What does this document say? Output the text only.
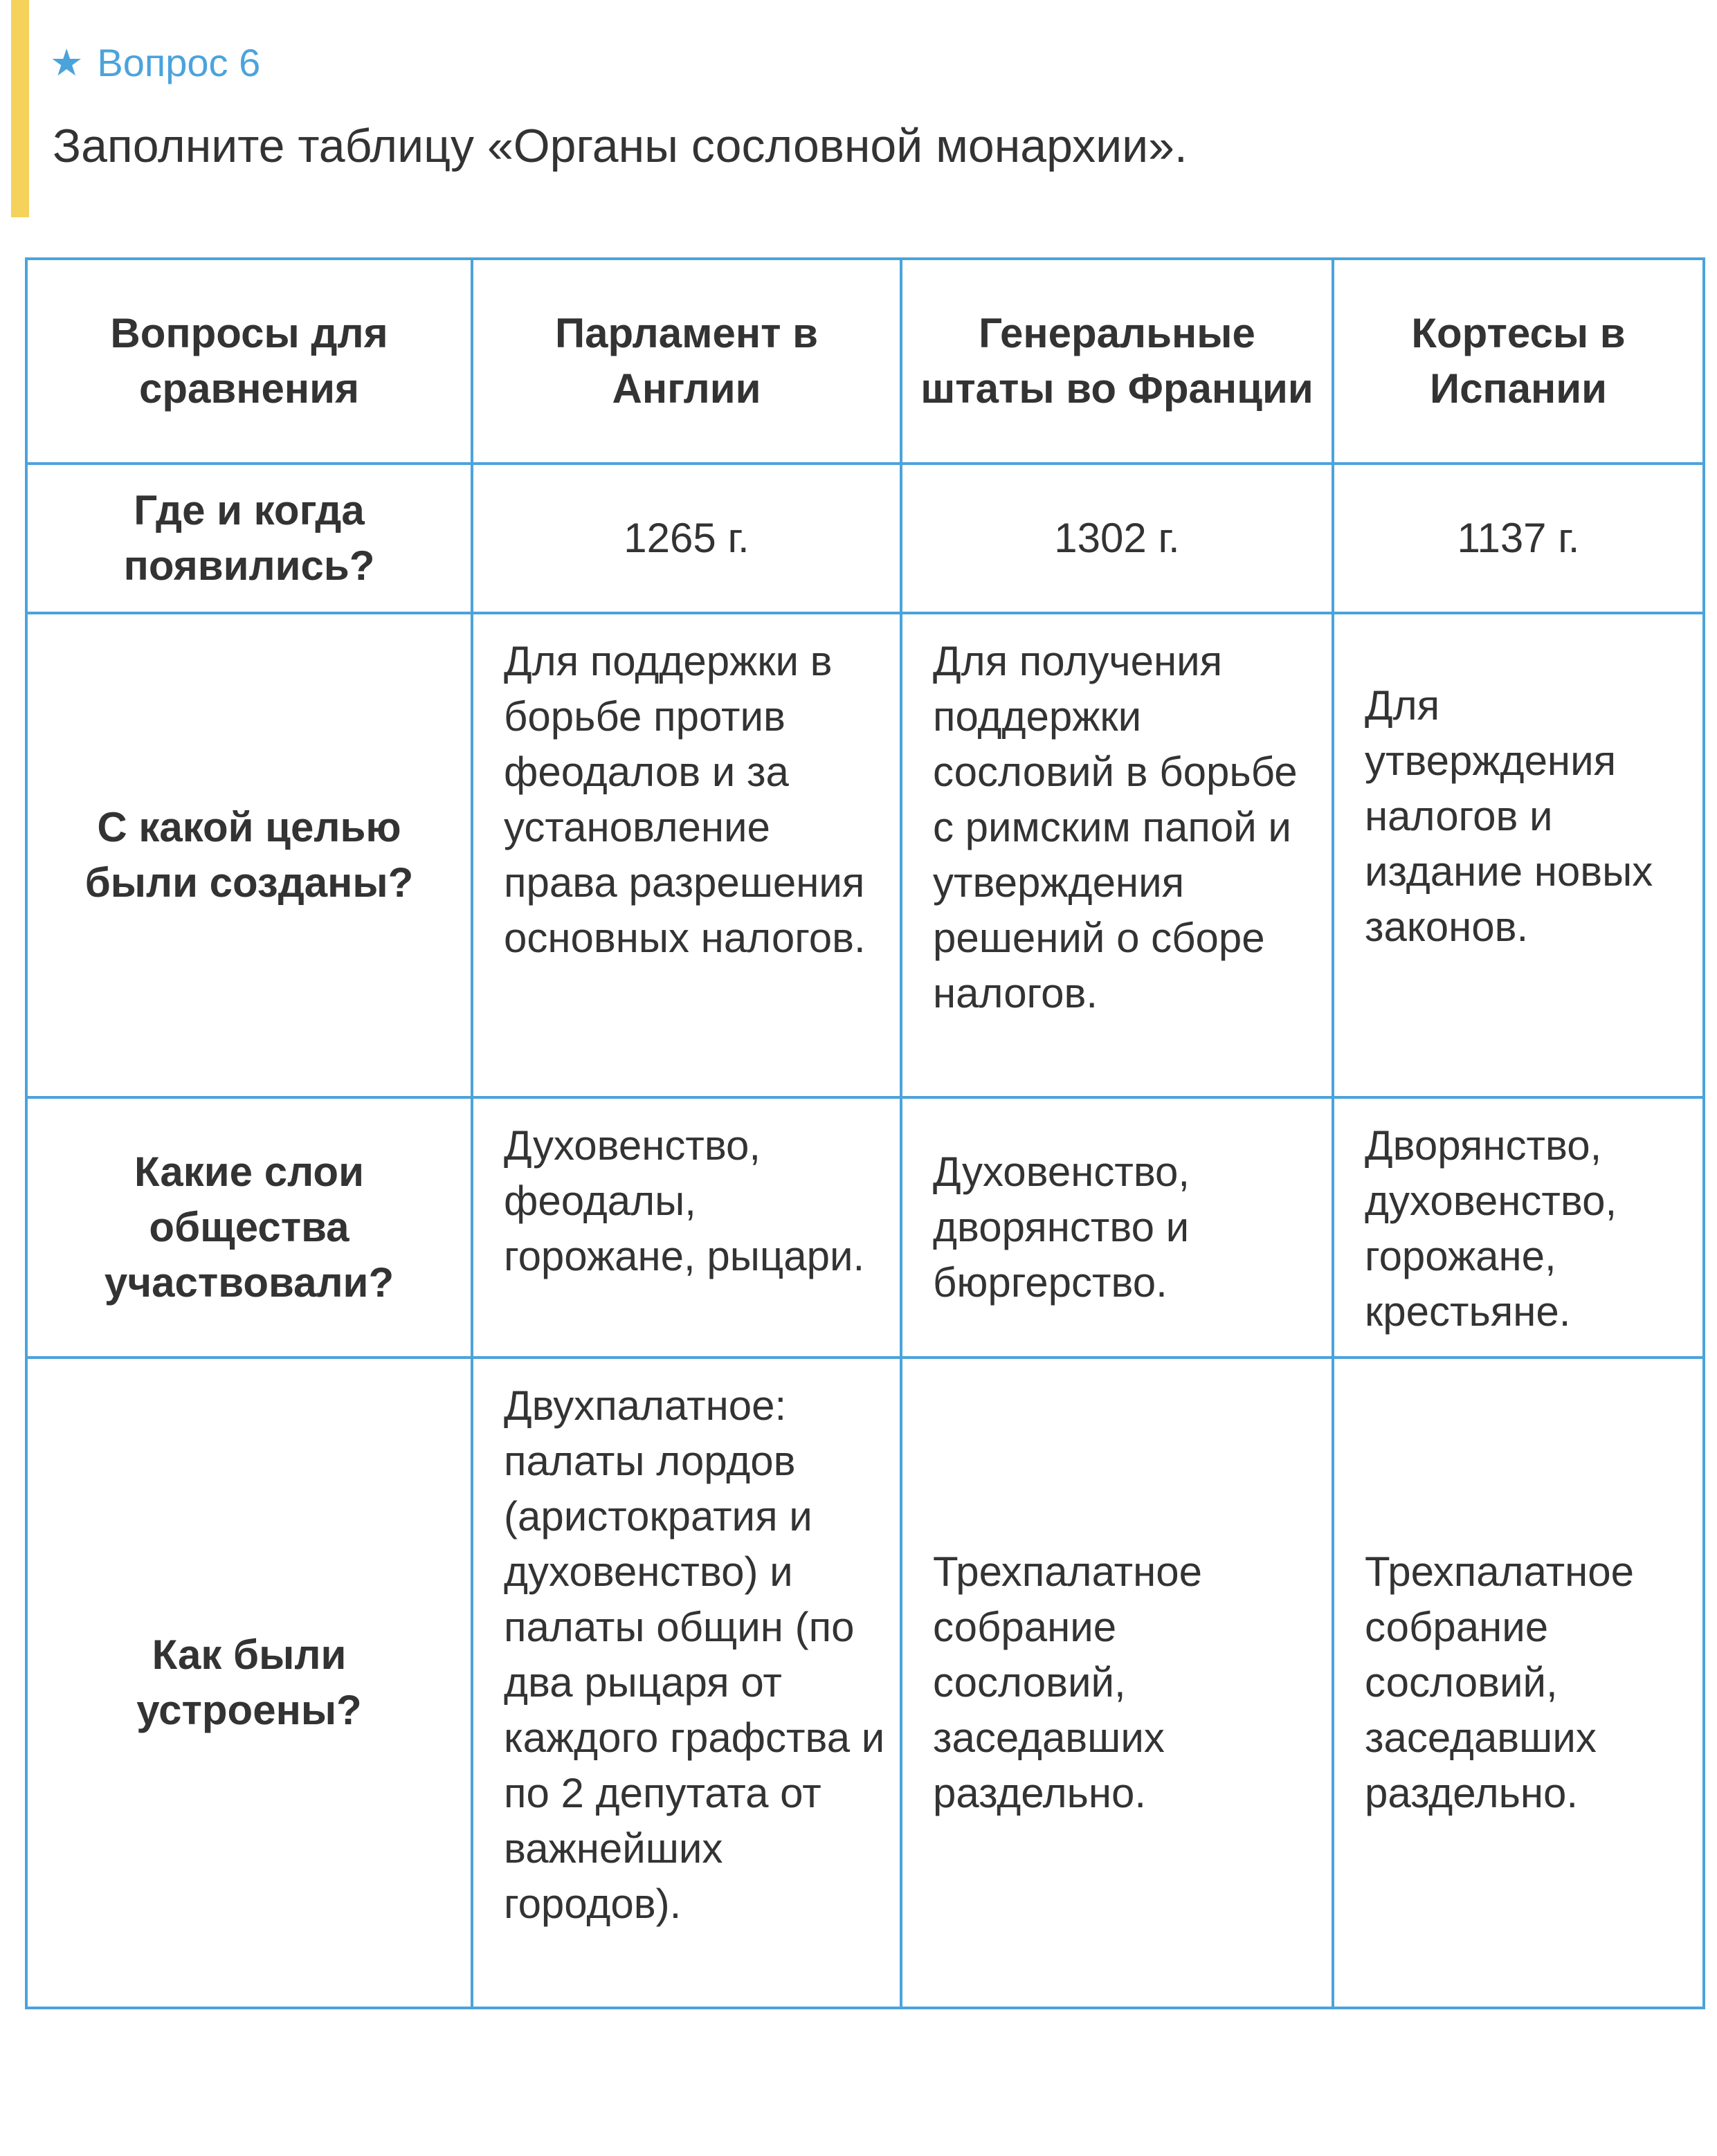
★ Вопрос 6
Заполните таблицу «Органы сословной монархии».
Вопросы для сравнения	Парламент в Англии	Генеральные штаты во Франции	Кортесы в Испании
Где и когда появились?	1265 г.	1302 г.	1137 г.
С какой целью были созданы?	Для поддержки в борьбе против феодалов и за установление права разрешения основных налогов.	Для получения поддержки сословий в борьбе с римским папой и утверждения решений о сборе налогов.	Для утверждения налогов и издание новых законов.
Какие слои общества участвовали?	Духовенство, феодалы, горожане, рыцари.	Духовенство, дворянство и бюргерство.	Дворянство, духовенство, горожане, крестьяне.
Как были устроены?	Двухпалатное: палаты лордов (аристократия и духовенство) и палаты общин (по два рыцаря от каждого графства и по 2 депутата от важнейших городов).	Трехпалатное собрание сословий, заседавших раздельно.	Трехпалатное собрание сословий, заседавших раздельно.
